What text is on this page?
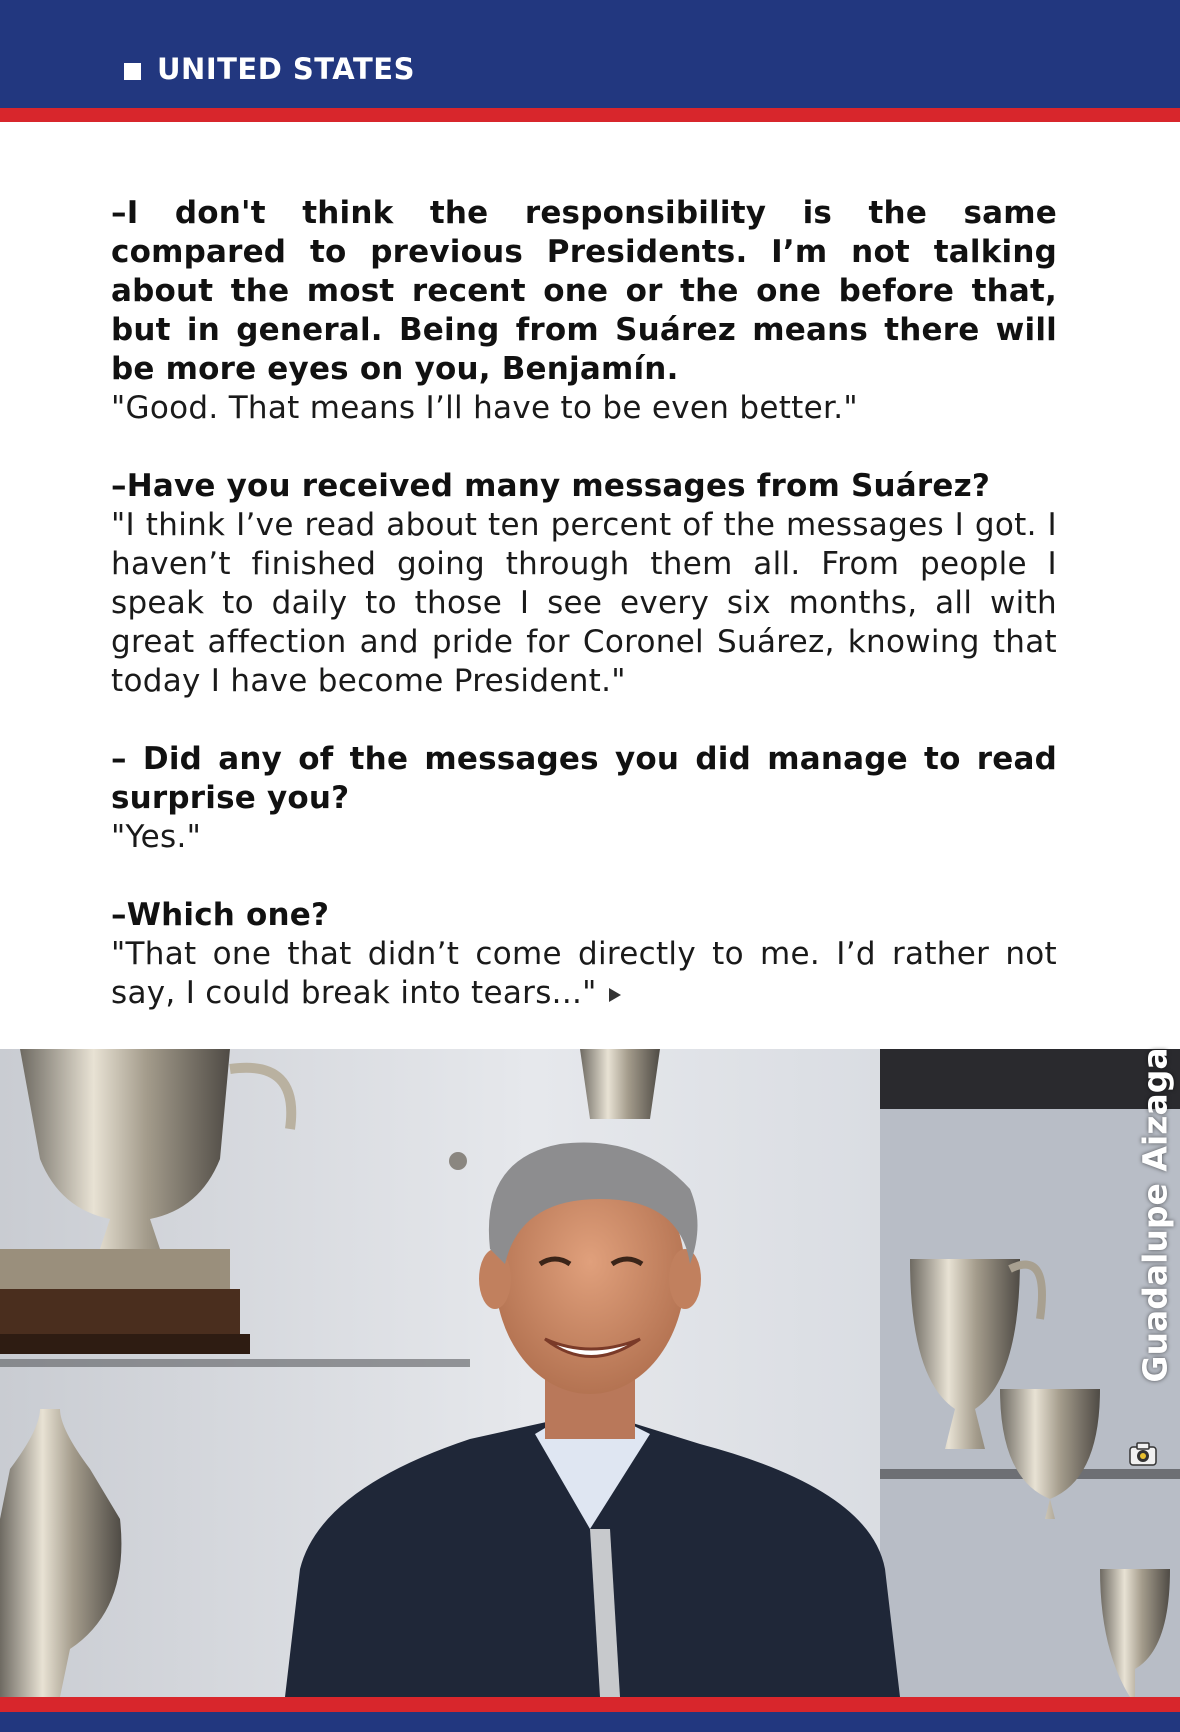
UNITED STATES

–I don't think the responsibility is the same compared to previous Presidents. I’m not talking about the most recent one or the one before that, but in general. Being from Suárez means there will be more eyes on you, Benjamín.

"Good. That means I’ll have to be even better."

–Have you received many messages from Suárez?

"I think I’ve read about ten percent of the messages I got. I haven’t finished going through them all. From people I speak to daily to those I see every six months, all with great affection and pride for Coronel Suárez, knowing that today I have become President."

– Did any of the messages you did manage to read surprise you?

"Yes."

–Which one?

"That one that didn’t come directly to me. I’d rather not say, I could break into tears..."

Guadalupe Aizaga
